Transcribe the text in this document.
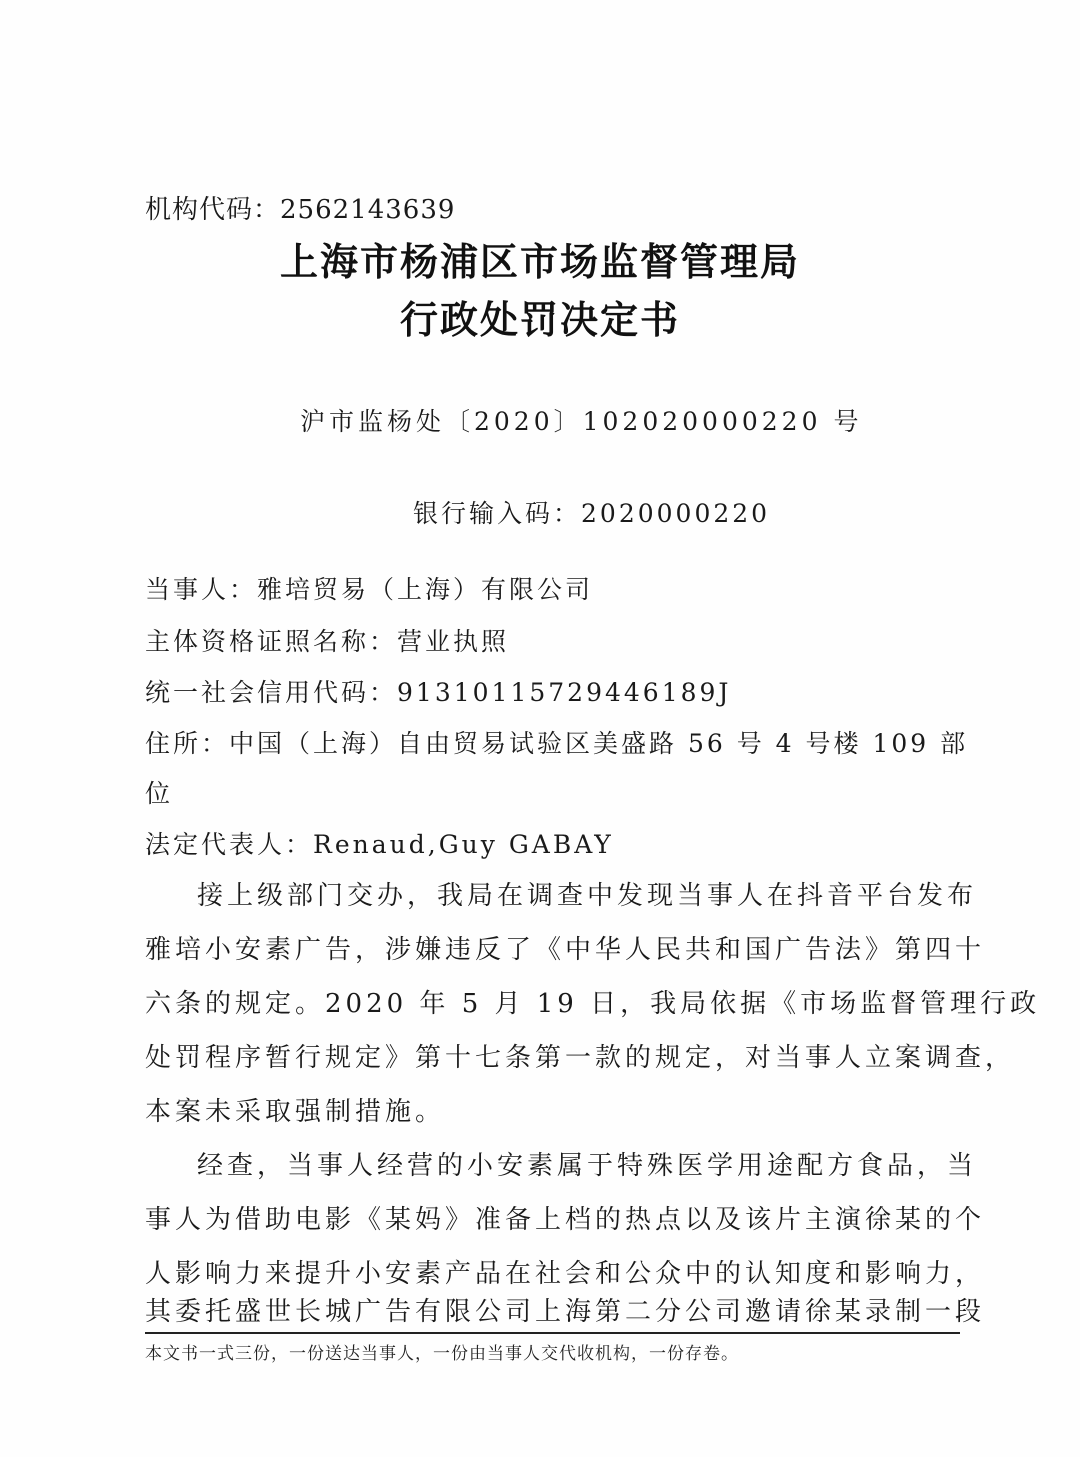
机构代码：2562143639
上海市杨浦区市场监督管理局
行政处罚决定书
沪市监杨处〔2020〕102020000220 号
银行输入码：2020000220
当事人：雅培贸易（上海）有限公司
主体资格证照名称：营业执照
统一社会信用代码：91310115729446189J
住所：中国（上海）自由贸易试验区美盛路 56 号 4 号楼 109 部
位
法定代表人：Renaud,Guy GABAY
接上级部门交办，我局在调查中发现当事人在抖音平台发布
雅培小安素广告，涉嫌违反了《中华人民共和国广告法》第四十
六条的规定。2020 年 5 月 19 日，我局依据《市场监督管理行政
处罚程序暂行规定》第十七条第一款的规定，对当事人立案调查，
本案未采取强制措施。
经查，当事人经营的小安素属于特殊医学用途配方食品，当
事人为借助电影《某妈》准备上档的热点以及该片主演徐某的个
人影响力来提升小安素产品在社会和公众中的认知度和影响力，
其委托盛世长城广告有限公司上海第二分公司邀请徐某录制一段
本文书一式三份，一份送达当事人，一份由当事人交代收机构，一份存卷。
